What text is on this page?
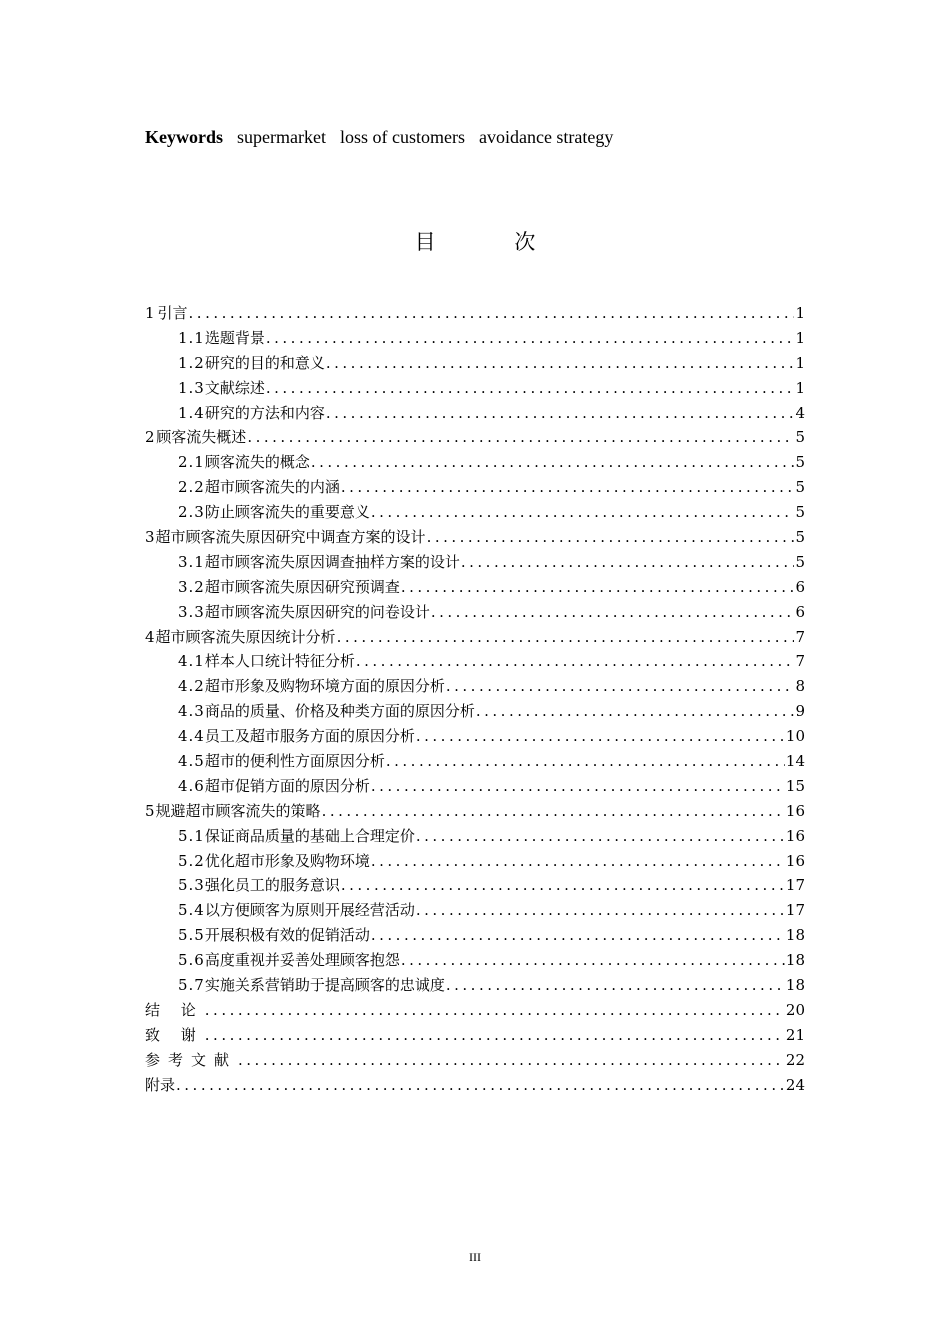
Keywords supermarket loss of customers avoidance strategy
目 次
1 引言 .....	1
1.1 选题背景 .....	1
1.2 研究的目的和意义 .....	1
1.3 文献综述 .....	1
1.4 研究的方法和内容 .....	4
2 顾客流失概述 .....	5
2.1 顾客流失的概念 .....	5
2.2 超市顾客流失的内涵 .....	5
2.3 防止顾客流失的重要意义 .....	5
3 超市顾客流失原因研究中调查方案的设计 .....	5
3.1 超市顾客流失原因调查抽样方案的设计 .....	5
3.2 超市顾客流失原因研究预调查 .....	6
3.3 超市顾客流失原因研究的问卷设计 .....	6
4 超市顾客流失原因统计分析 .....	7
4.1 样本人口统计特征分析 .....	7
4.2 超市形象及购物环境方面的原因分析 .....	8
4.3 商品的质量、价格及种类方面的原因分析 .....	9
4.4 员工及超市服务方面的原因分析 .....	10
4.5 超市的便利性方面原因分析 .....	14
4.6 超市促销方面的原因分析 .....	15
5 规避超市顾客流失的策略 .....	16
5.1 保证商品质量的基础上合理定价 .....	16
5.2 优化超市形象及购物环境 .....	16
5.3 强化员工的服务意识 .....	17
5.4 以方便顾客为原则开展经营活动 .....	17
5.5 开展积极有效的促销活动 .....	18
5.6 高度重视并妥善处理顾客抱怨 .....	18
5.7 实施关系营销助于提高顾客的忠诚度 .....	18
结 论 .....	20
致 谢 .....	21
参考文献 .....	22
附录 .....	24
III
